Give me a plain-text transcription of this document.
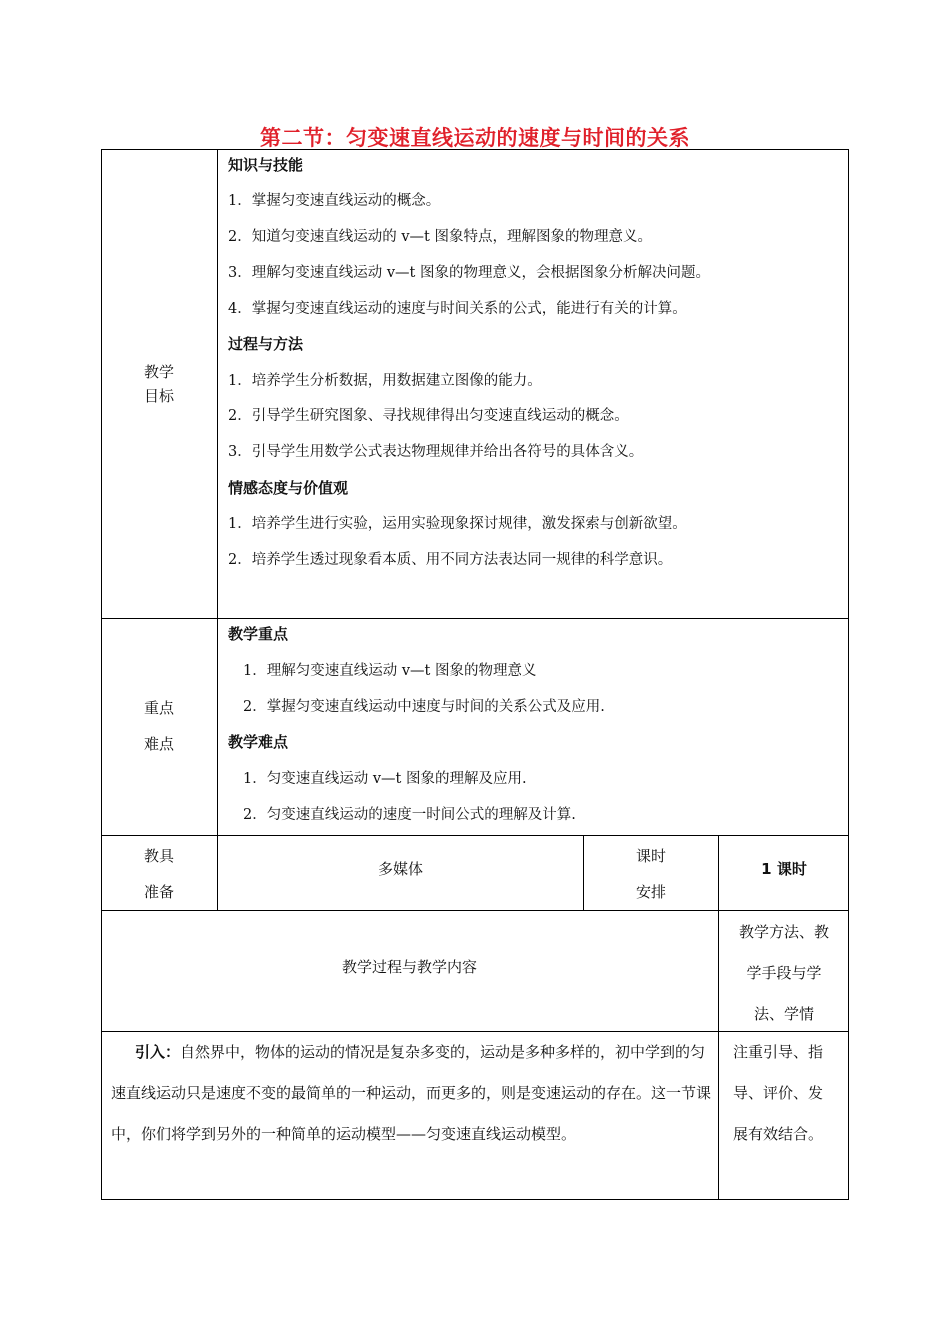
第二节：匀变速直线运动的速度与时间的关系
教学
目标
知识与技能
1．掌握匀变速直线运动的概念。
2．知道匀变速直线运动的 v—t 图象特点，理解图象的物理意义。
3．理解匀变速直线运动 v—t 图象的物理意义，会根据图象分析解决问题。
4．掌握匀变速直线运动的速度与时间关系的公式，能进行有关的计算。
过程与方法
1．培养学生分析数据，用数据建立图像的能力。
2．引导学生研究图象、寻找规律得出匀变速直线运动的概念。
3．引导学生用数学公式表达物理规律并给出各符号的具体含义。
情感态度与价值观
1．培养学生进行实验，运用实验现象探讨规律，激发探索与创新欲望。
2．培养学生透过现象看本质、用不同方法表达同一规律的科学意识。
重点
难点
教学重点
1．理解匀变速直线运动 v—t 图象的物理意义
2．掌握匀变速直线运动中速度与时间的关系公式及应用.
教学难点
1．匀变速直线运动 v—t 图象的理解及应用.
2．匀变速直线运动的速度一时间公式的理解及计算.
教具
准备
多媒体
课时
安排
1 课时
教学过程与教学内容
教学方法、教
学手段与学
法、学情
引入：自然界中，物体的运动的情况是复杂多变的，运动是多种多样的，初中学到的匀速直线运动只是速度不变的最简单的一种运动，而更多的，则是变速运动的存在。这一节课中，你们将学到另外的一种简单的运动模型——匀变速直线运动模型。
注重引导、指
导、评价、发
展有效结合。
